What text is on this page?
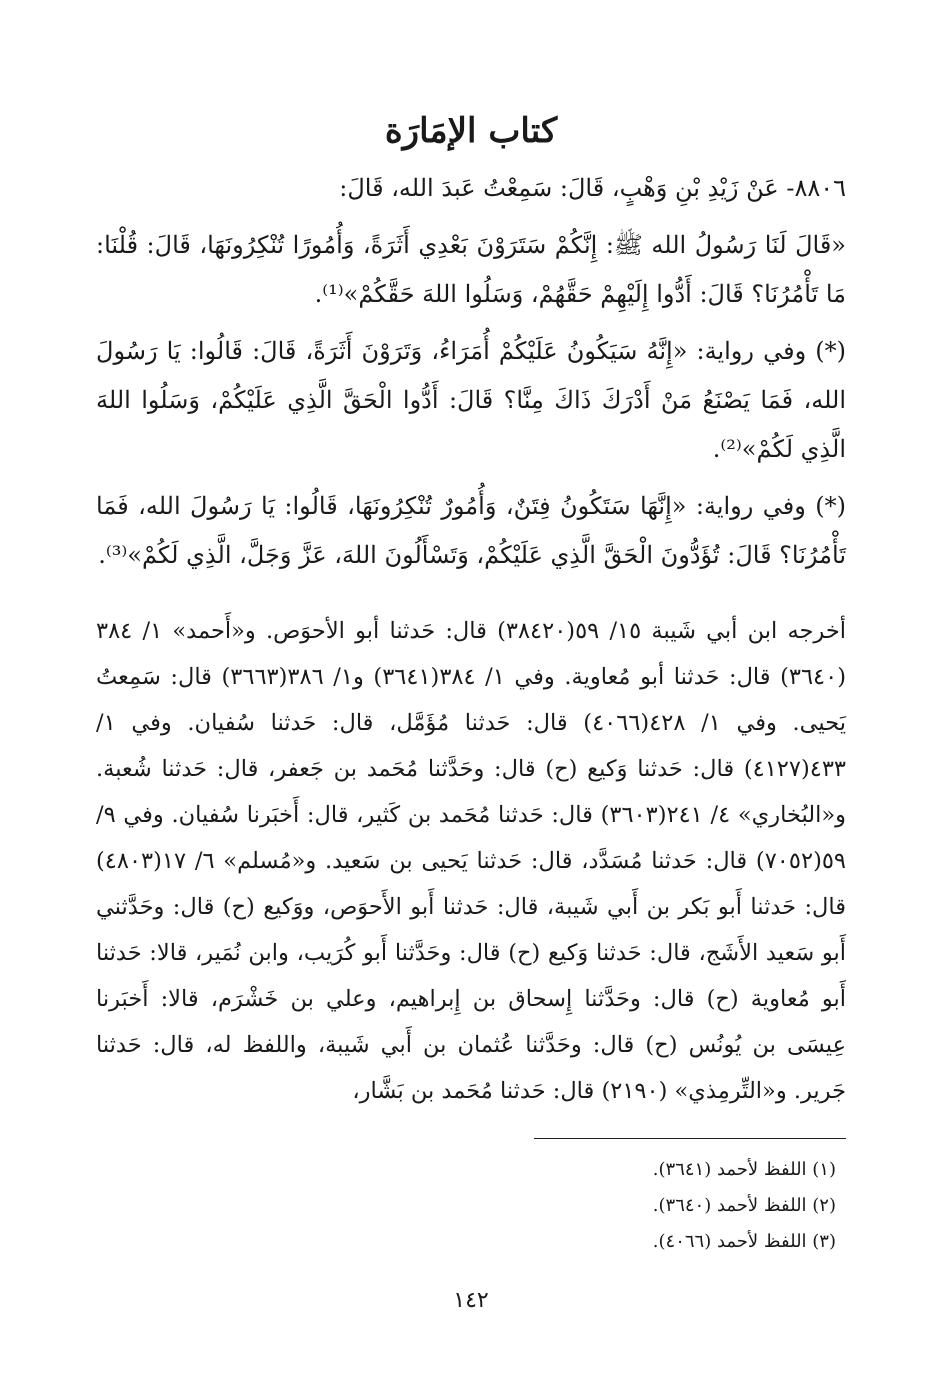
كتاب الإمَارَة

٨٨٠٦- عَنْ زَيْدِ بْنِ وَهْبٍ، قَالَ: سَمِعْتُ عَبدَ الله، قَالَ:

«قَالَ لَنَا رَسُولُ الله ﷺ: إِنَّكُمْ سَتَرَوْنَ بَعْدِي أَثَرَةً، وَأُمُورًا تُنْكِرُونَهَا، قَالَ: قُلْنَا: مَا تَأْمُرُنَا؟ قَالَ: أَدُّوا إِلَيْهِمْ حَقَّهُمْ، وَسَلُوا اللهَ حَقَّكُمْ»⁽¹⁾.

(*) وفي رواية: «إِنَّهُ سَيَكُونُ عَلَيْكُمْ أُمَرَاءُ، وَتَرَوْنَ أَثَرَةً، قَالَ: قَالُوا: يَا رَسُولَ الله، فَمَا يَصْنَعُ مَنْ أَدْرَكَ ذَاكَ مِنَّا؟ قَالَ: أَدُّوا الْحَقَّ الَّذِي عَلَيْكُمْ، وَسَلُوا اللهَ الَّذِي لَكُمْ»⁽²⁾.

(*) وفي رواية: «إِنَّهَا سَتَكُونُ فِتَنٌ، وَأُمُورٌ تُنْكِرُونَهَا، قَالُوا: يَا رَسُولَ الله، فَمَا تَأْمُرُنَا؟ قَالَ: تُؤَدُّونَ الْحَقَّ الَّذِي عَلَيْكُمْ، وَتَسْأَلُونَ اللهَ، عَزَّ وَجَلَّ، الَّذِي لَكُمْ»⁽³⁾.

أخرجه ابن أبي شَيبة ١٥/ ٥٩(٣٨٤٢٠) قال: حَدثنا أبو الأحوَص. و«أَحمد» ١/ ٣٨٤ (٣٦٤٠) قال: حَدثنا أبو مُعاوية. وفي ١/ ٣٨٤(٣٦٤١) و١/ ٣٨٦(٣٦٦٣) قال: سَمِعتُ يَحيى. وفي ١/ ٤٢٨(٤٠٦٦) قال: حَدثنا مُؤَمَّل، قال: حَدثنا سُفيان. وفي ١/ ٤٣٣(٤١٢٧) قال: حَدثنا وَكيع (ح) قال: وحَدَّثنا مُحَمد بن جَعفر، قال: حَدثنا شُعبة. و«البُخاري» ٤/ ٢٤١(٣٦٠٣) قال: حَدثنا مُحَمد بن كَثير، قال: أَخبَرنا سُفيان. وفي ٩/ ٥٩(٧٠٥٢) قال: حَدثنا مُسَدَّد، قال: حَدثنا يَحيى بن سَعيد. و«مُسلم» ٦/ ١٧(٤٨٠٣) قال: حَدثنا أَبو بَكر بن أَبي شَيبة، قال: حَدثنا أَبو الأَحوَص، ووَكيع (ح) قال: وحَدَّثني أَبو سَعيد الأَشَج، قال: حَدثنا وَكيع (ح) قال: وحَدَّثنا أَبو كُرَيب، وابن نُمَير، قالا: حَدثنا أَبو مُعاوية (ح) قال: وحَدَّثنا إِسحاق بن إِبراهيم، وعلي بن خَشْرَم، قالا: أَخبَرنا عِيسَى بن يُونُس (ح) قال: وحَدَّثنا عُثمان بن أَبي شَيبة، واللفظ له، قال: حَدثنا جَرير. و«التِّرمِذي» (٢١٩٠) قال: حَدثنا مُحَمد بن بَشَّار،

(١) اللفظ لأحمد (٣٦٤١).

(٢) اللفظ لأحمد (٣٦٤٠).

(٣) اللفظ لأحمد (٤٠٦٦).

١٤٢
